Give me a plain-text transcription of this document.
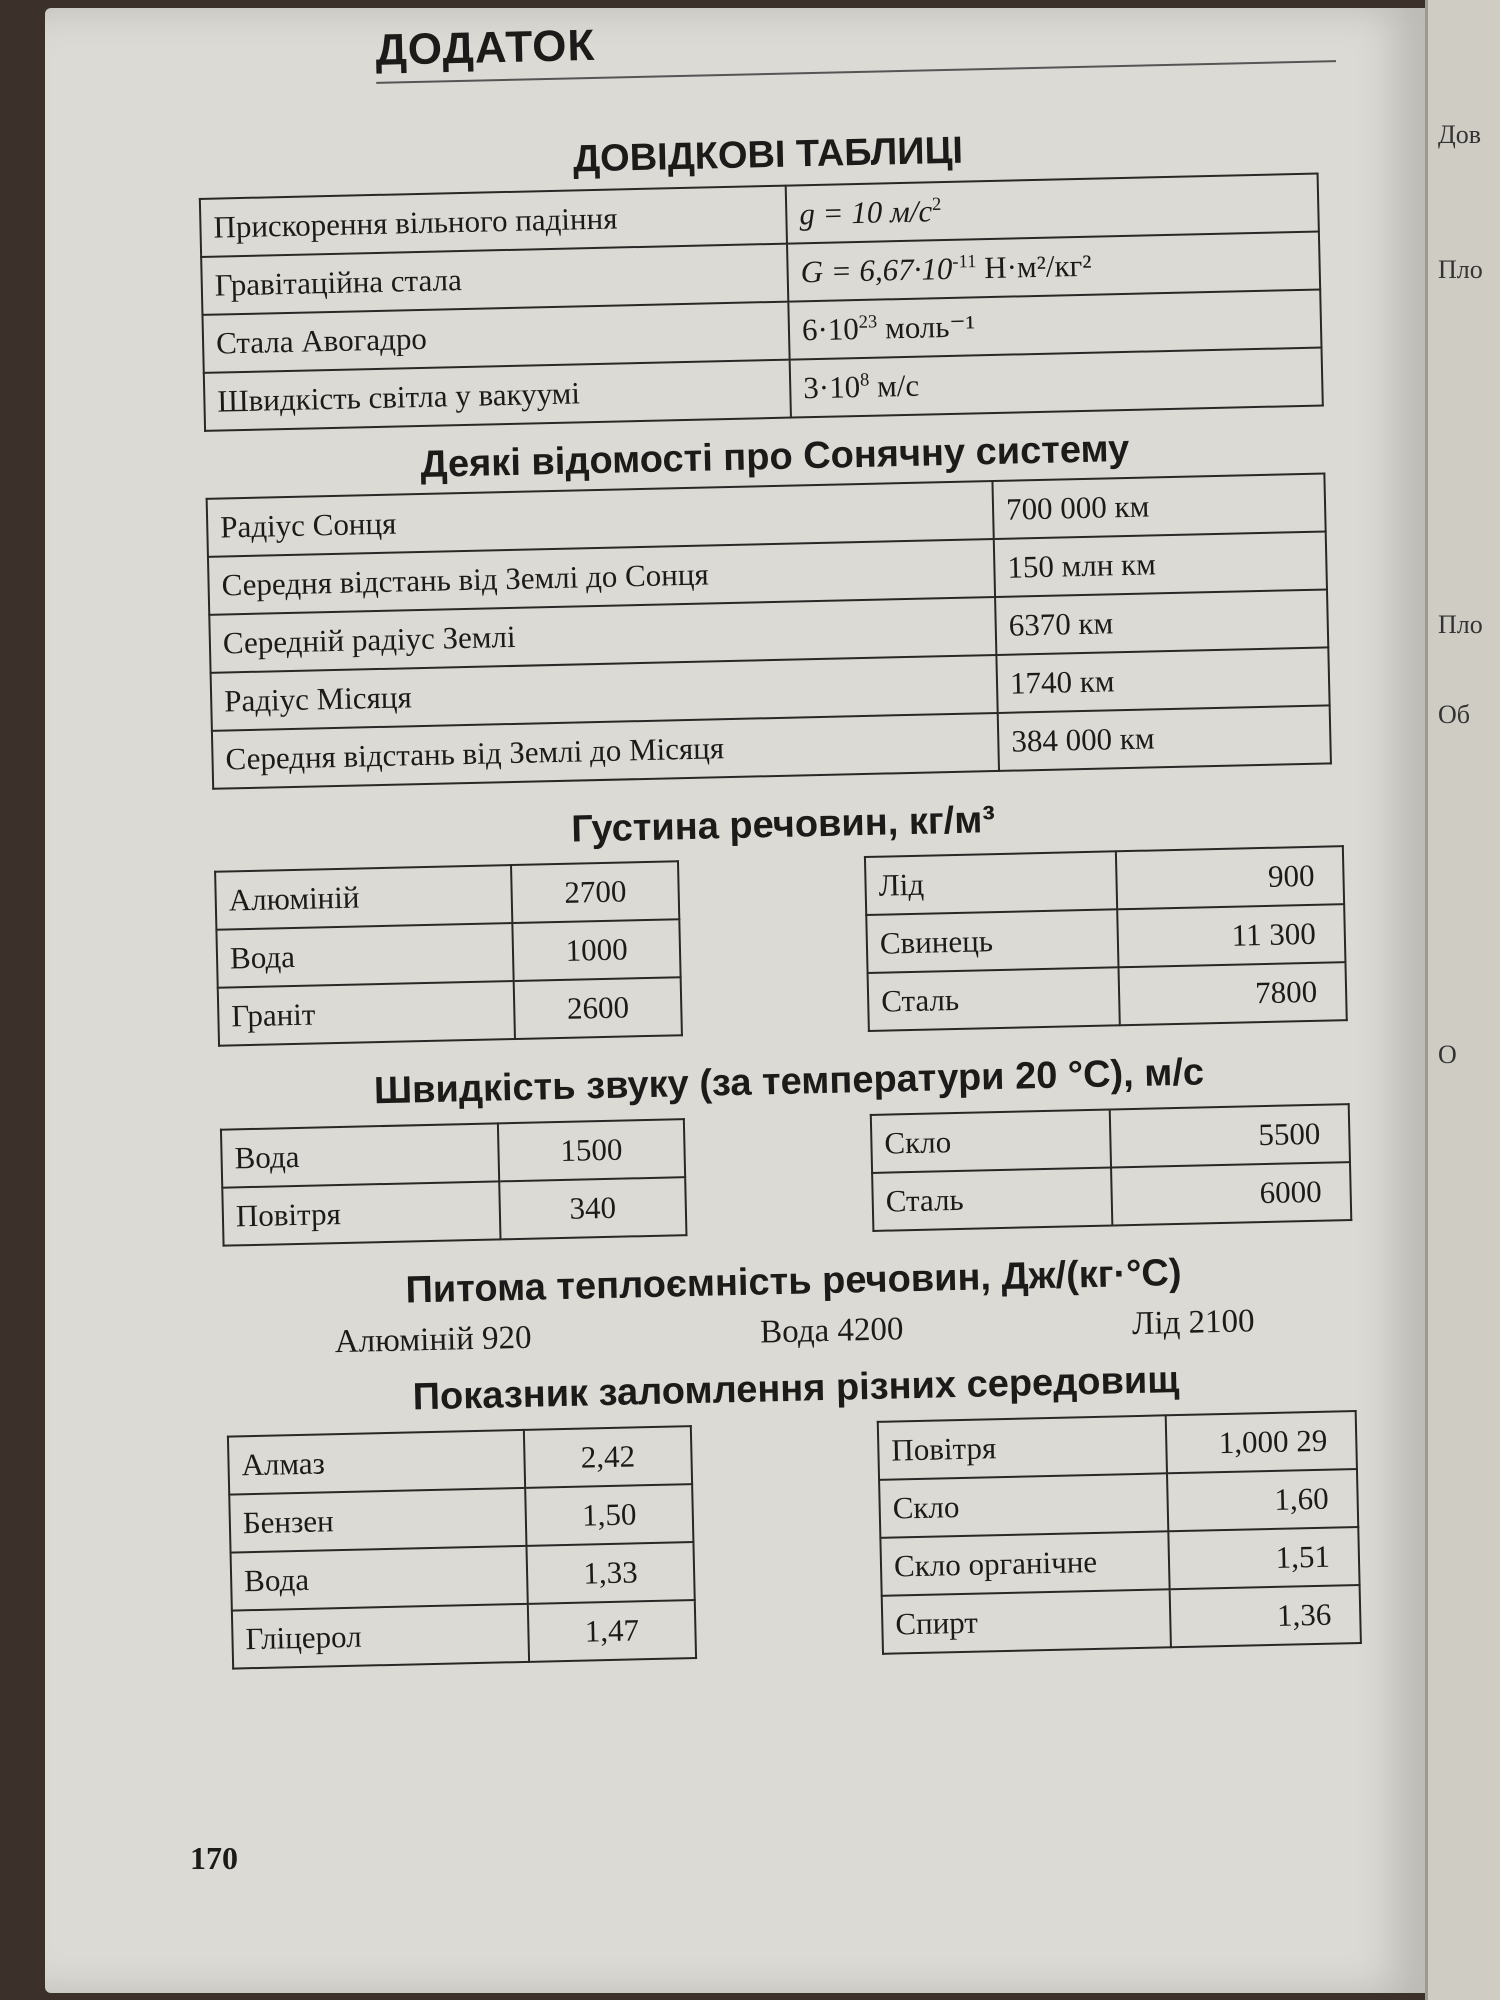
Дов
Пло
Пло
Об
О
ДОДАТОК
ДОВІДКОВІ ТАБЛИЦІ
Прискорення вільного падіння	g = 10 $м/с^2$
Гравітаційна стала	$G = 6,67\cdot 10^{-11}$ Н·м²/кг²
Стала Авогадро	$6\cdot 10^{23}$ моль⁻¹
Швидкість світла у вакуумі	$3\cdot 10^8$ м/с
Деякі відомості про Сонячну систему
Радіус Сонця	700 000 км
Середня відстань від Землі до Сонця	150 млн км
Середній радіус Землі	6370 км
Радіус Місяця	1740 км
Середня відстань від Землі до Місяця	384 000 км
Густина речовин, кг/м³
Алюміній	2700
Вода	1000
Граніт	2600
Лід	900
Свинець	11 300
Сталь	7800
Швидкість звуку (за температури 20 °С), м/с
Вода	1500
Повітря	340
Скло	5500
Сталь	6000
Питома теплоємність речовин, Дж/(кг·°С)
Алюміній 920	Вода 4200	Лід 2100
Показник заломлення різних середовищ
Алмаз	2,42
Бензен	1,50
Вода	1,33
Гліцерол	1,47
Повітря	1,000 29
Скло	1,60
Скло органічне	1,51
Спирт	1,36
170
